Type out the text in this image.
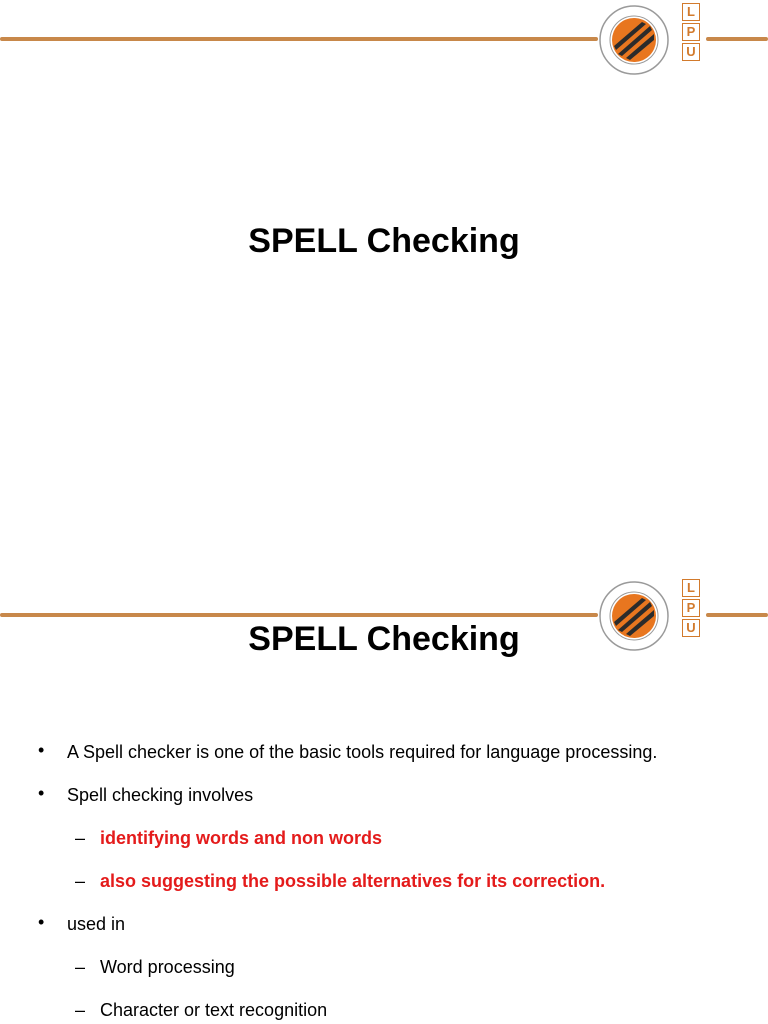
L
P
U
SPELL Checking
L
P
U
SPELL Checking
• A Spell checker is one of the basic tools required for language processing.
• Spell checking involves
– identifying words and non words
– also suggesting the possible alternatives for its correction.
• used in
– Word processing
– Character or text recognition
